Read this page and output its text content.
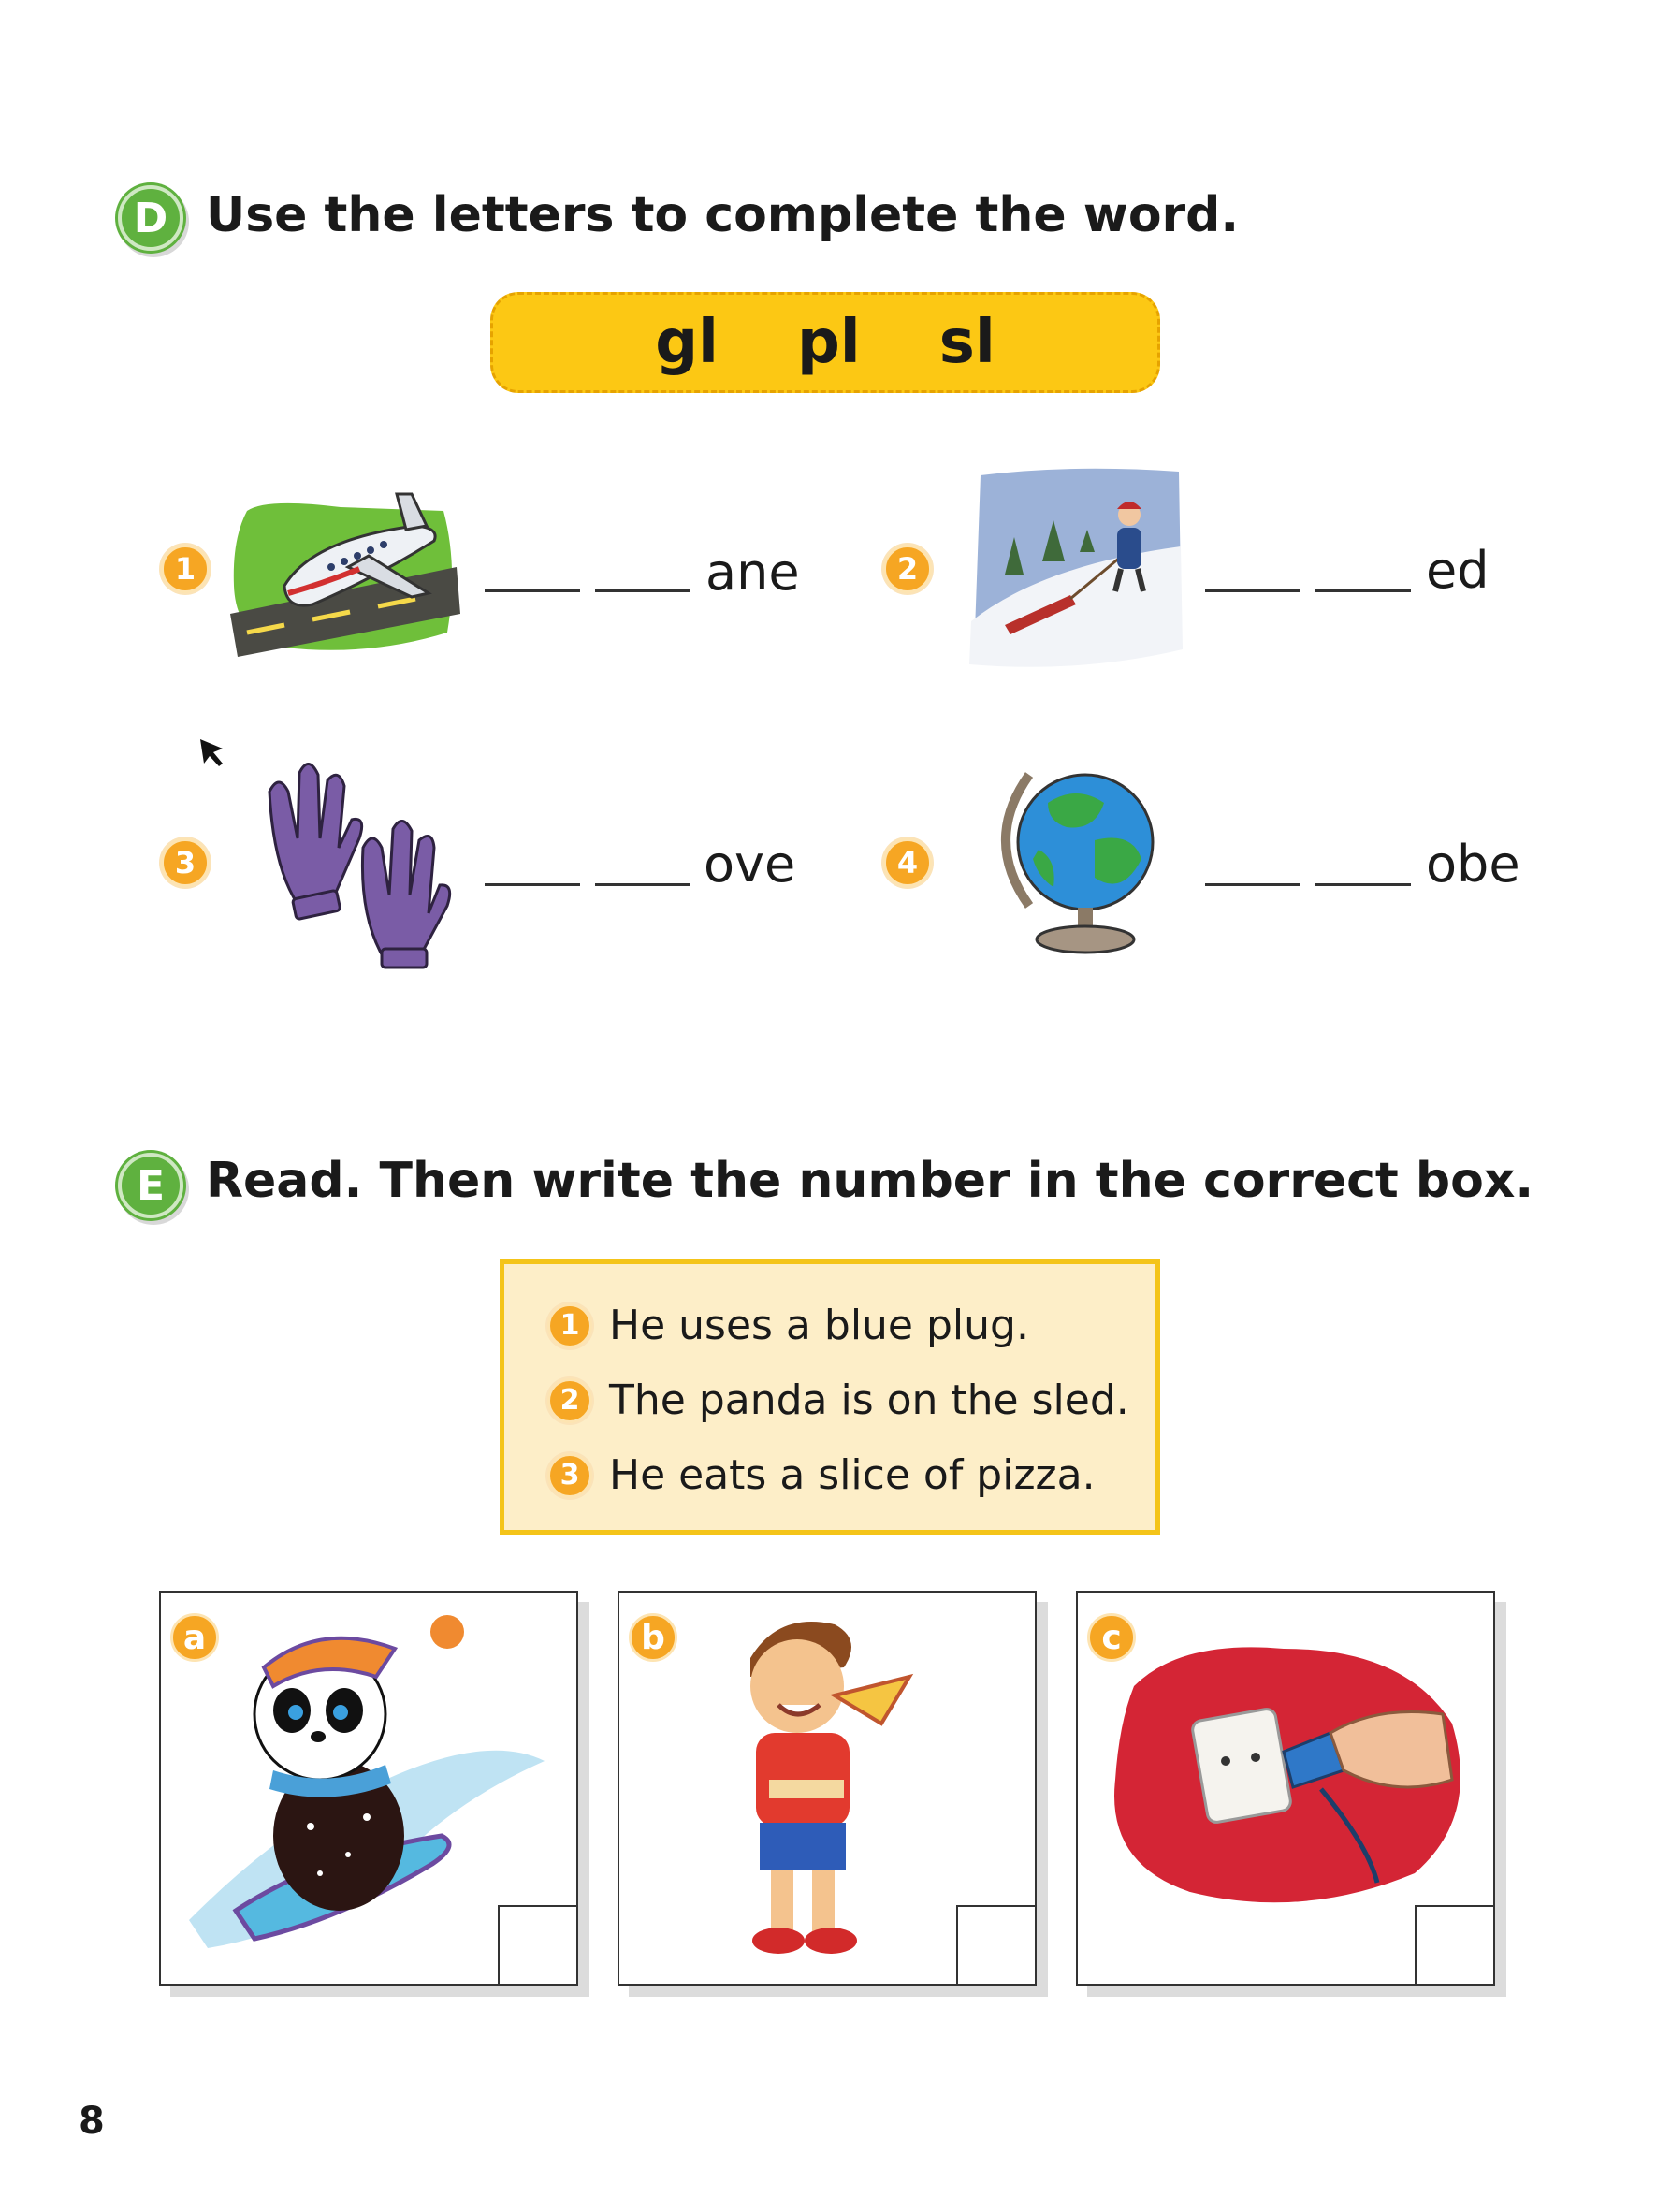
D Use the letters to complete the word.
gl pl sl
1	ane	2	ed
3	ove	4	obe
E Read. Then write the number in the correct box.
1 He uses a blue plug.
2 The panda is on the sled.
3 He eats a slice of pizza.
a	b	c
8
